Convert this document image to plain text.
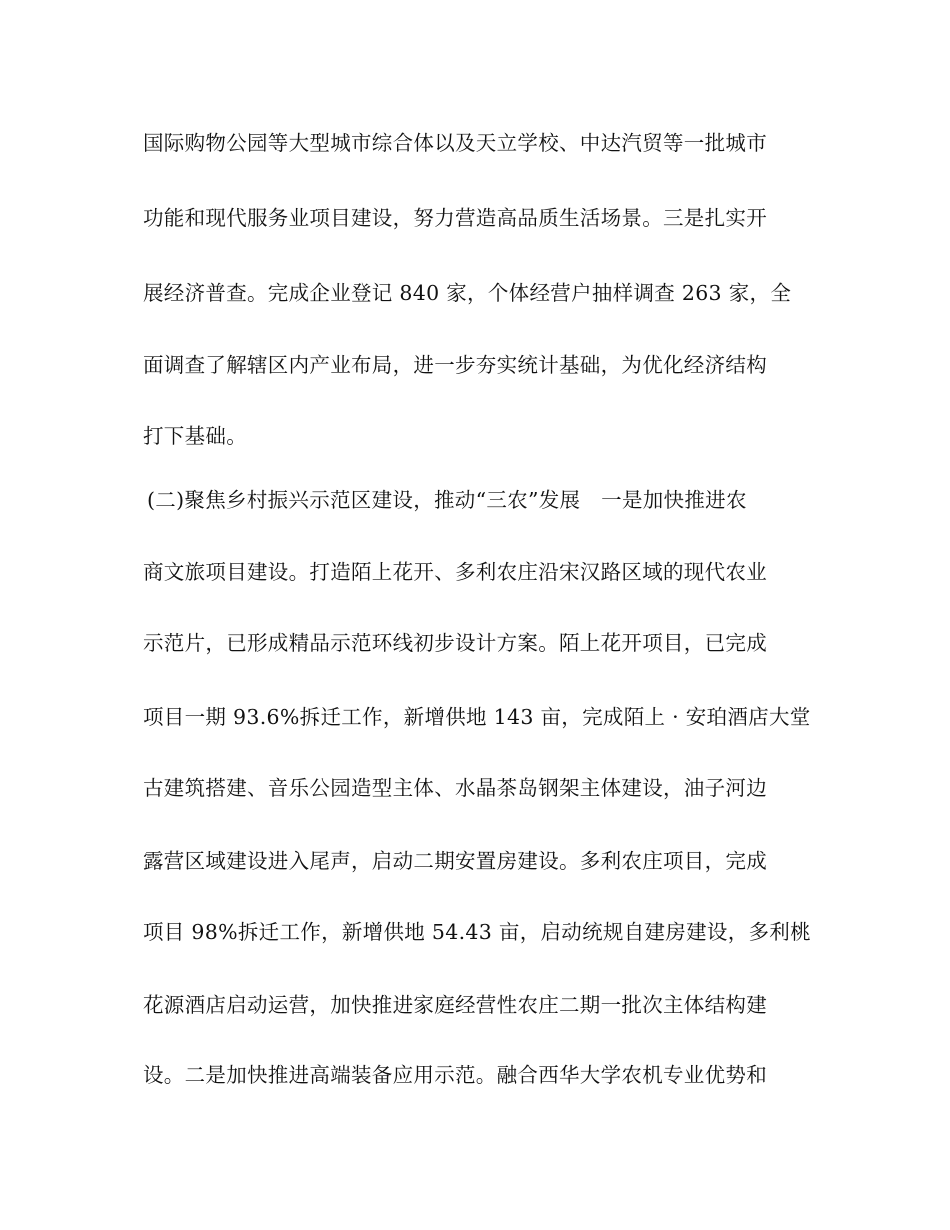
国际购物公园等大型城市综合体以及天立学校、中达汽贸等一批城市
功能和现代服务业项目建设，努力营造高品质生活场景。三是扎实开
展经济普查。完成企业登记 840 家，个体经营户抽样调查 263 家，全
面调查了解辖区内产业布局，进一步夯实统计基础，为优化经济结构
打下基础。
(二)聚焦乡村振兴示范区建设，推动“三农”发展　一是加快推进农
商文旅项目建设。打造陌上花开、多利农庄沿宋汉路区域的现代农业
示范片，已形成精品示范环线初步设计方案。陌上花开项目，已完成
项目一期 93.6%拆迁工作，新增供地 143 亩，完成陌上 · 安珀酒店大堂
古建筑搭建、音乐公园造型主体、水晶茶岛钢架主体建设，油子河边
露营区域建设进入尾声，启动二期安置房建设。多利农庄项目，完成
项目 98%拆迁工作，新增供地 54.43 亩，启动统规自建房建设，多利桃
花源酒店启动运营，加快推进家庭经营性农庄二期一批次主体结构建
设。二是加快推进高端装备应用示范。融合西华大学农机专业优势和
